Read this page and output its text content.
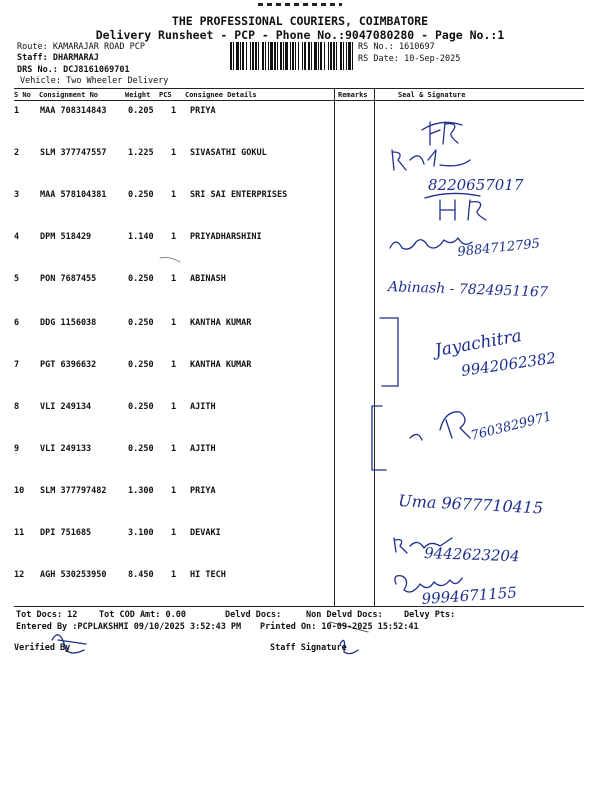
THE PROFESSIONAL COURIERS, COIMBATORE
Delivery Runsheet - PCP - Phone No.:9047080280 - Page No.:1
Route: KAMARAJAR ROAD PCP
Staff: DHARMARAJ
DRS No.: DCJ8161069701
Vehicle: Two Wheeler Delivery
RS No.: 1610697
RS Date: 10-Sep-2025
S No Consignment No	Weight PCS Consignee Details	Remarks	Seal & Signature
1 MAA 708314843	0.205 1 PRIYA
2 SLM 377747557	1.225 1 SIVASATHI GOKUL
3 MAA 578104381	0.250 1 SRI SAI ENTERPRISES
4 DPM 518429	1.140 1 PRIYADHARSHINI
5 PON 7687455	0.250 1 ABINASH
6 DDG 1156038	0.250 1 KANTHA KUMAR
7 PGT 6396632	0.250 1 KANTHA KUMAR
8 VLI 249134	0.250 1 AJITH
9 VLI 249133	0.250 1 AJITH
10 SLM 377797482	1.300 1 PRIYA
11 DPI 751685	3.100 1 DEVAKI
12 AGH 530253950	8.450 1 HI TECH
8220657017
9884712795
Abinash - 7824951167
Jayachitra
9942062382
7603829971
Uma 9677710415
9442623204
9994671155
Tot Docs: 12	Tot COD Amt: 0.00	Delvd Docs:	Non Delvd Docs: Delvy Pts:
Entered By :PCPLAKSHMI 09/10/2025 3:52:43 PM Printed On: 10-09-2025 15:52:41
Verified By	Staff Signature
